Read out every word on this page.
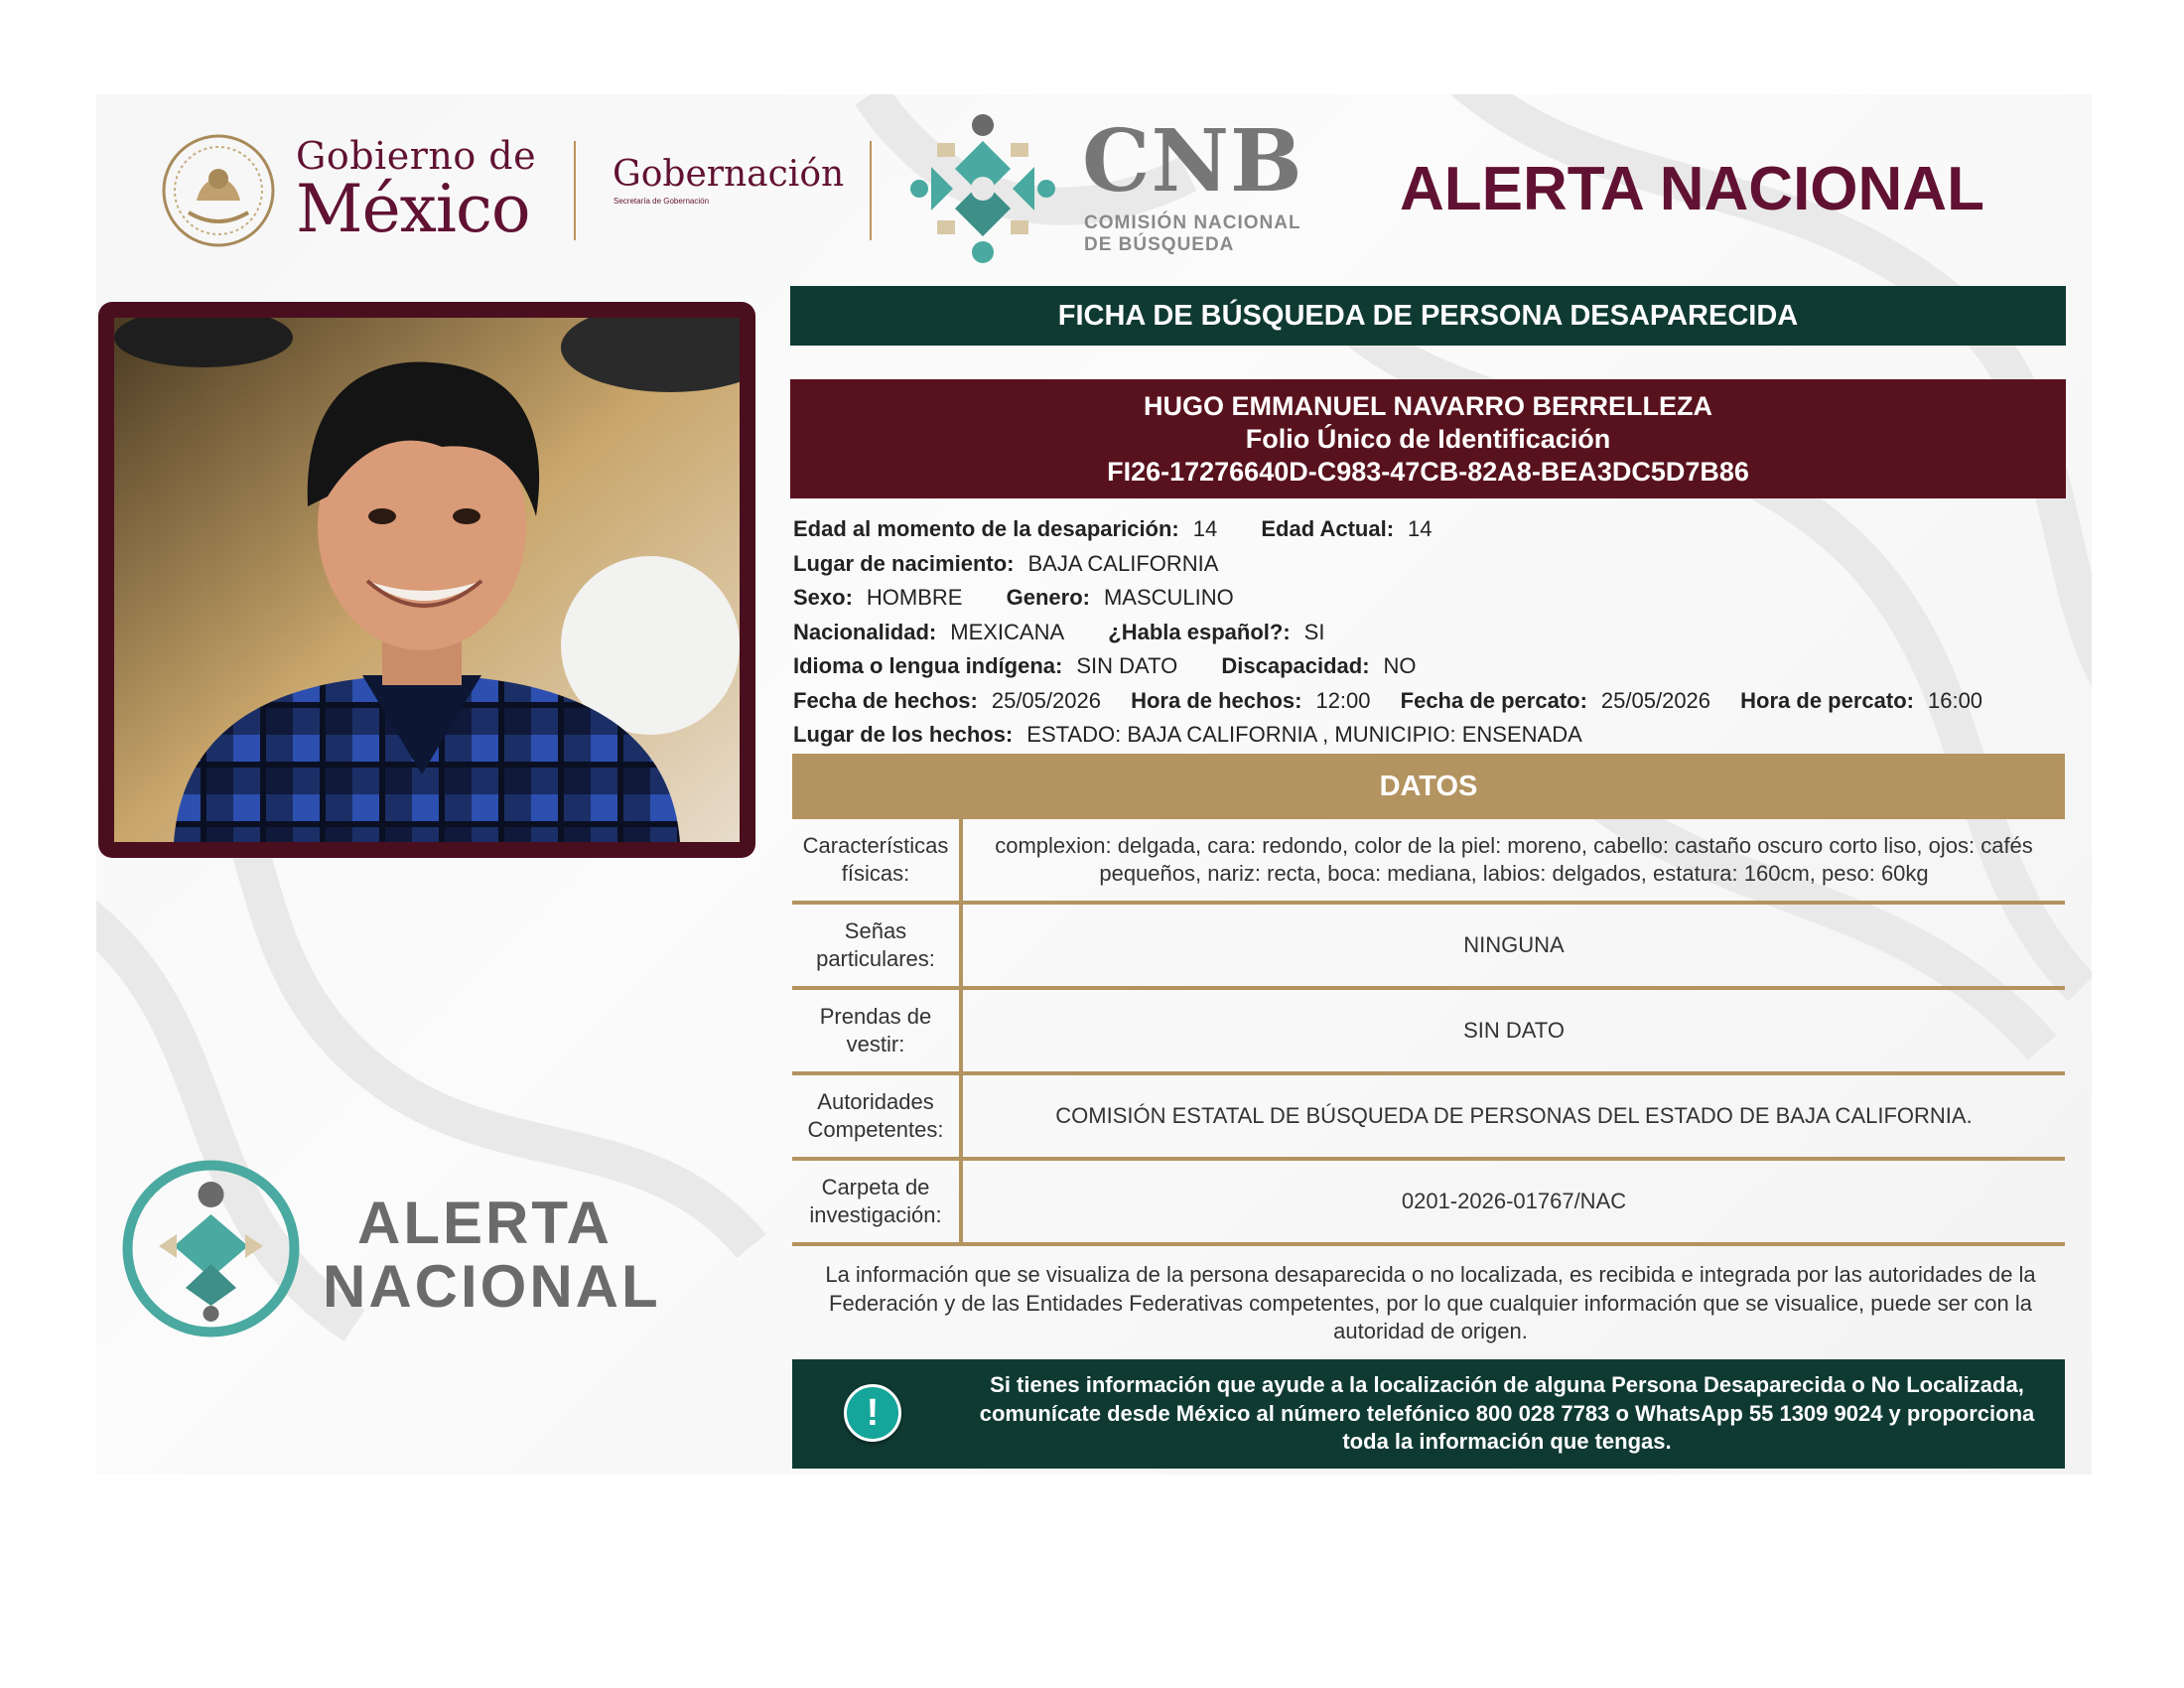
Gobierno de
México Gobernación
Secretaría de Gobernación	CNB
COMISIÓN NACIONAL
DE BÚSQUEDA
ALERTA NACIONAL
ALERTA
NACIONAL
FICHA DE BÚSQUEDA DE PERSONA DESAPARECIDA
HUGO EMMANUEL NAVARRO BERRELLEZA
Folio Único de Identificación
FI26-17276640D-C983-47CB-82A8-BEA3DC5D7B86
Edad al momento de la desaparición: 14 Edad Actual: 14
Lugar de nacimiento: BAJA CALIFORNIA
Sexo: HOMBRE Genero: MASCULINO
Nacionalidad: MEXICANA ¿Habla español?: SI
Idioma o lengua indígena: SIN DATO Discapacidad: NO
Fecha de hechos: 25/05/2026 Hora de hechos: 12:00 Fecha de percato: 25/05/2026 Hora de percato: 16:00
Lugar de los hechos: ESTADO: BAJA CALIFORNIA , MUNICIPIO: ENSENADA
DATOS
Características físicas:
complexion: delgada, cara: redondo, color de la piel: moreno, cabello: castaño oscuro corto liso, ojos: cafés pequeños, nariz: recta, boca: mediana, labios: delgados, estatura: 160cm, peso: 60kg
Señas particulares:
NINGUNA
Prendas de vestir:
SIN DATO
Autoridades Competentes:
COMISIÓN ESTATAL DE BÚSQUEDA DE PERSONAS DEL ESTADO DE BAJA CALIFORNIA.
Carpeta de investigación:
0201-2026-01767/NAC
La información que se visualiza de la persona desaparecida o no localizada, es recibida e integrada por las autoridades de la Federación y de las Entidades Federativas competentes, por lo que cualquier información que se visualice, puede ser con la autoridad de origen.
!
Si tienes información que ayude a la localización de alguna Persona Desaparecida o No Localizada, comunícate desde México al número telefónico 800 028 7783 o WhatsApp 55 1309 9024 y proporciona toda la información que tengas.
